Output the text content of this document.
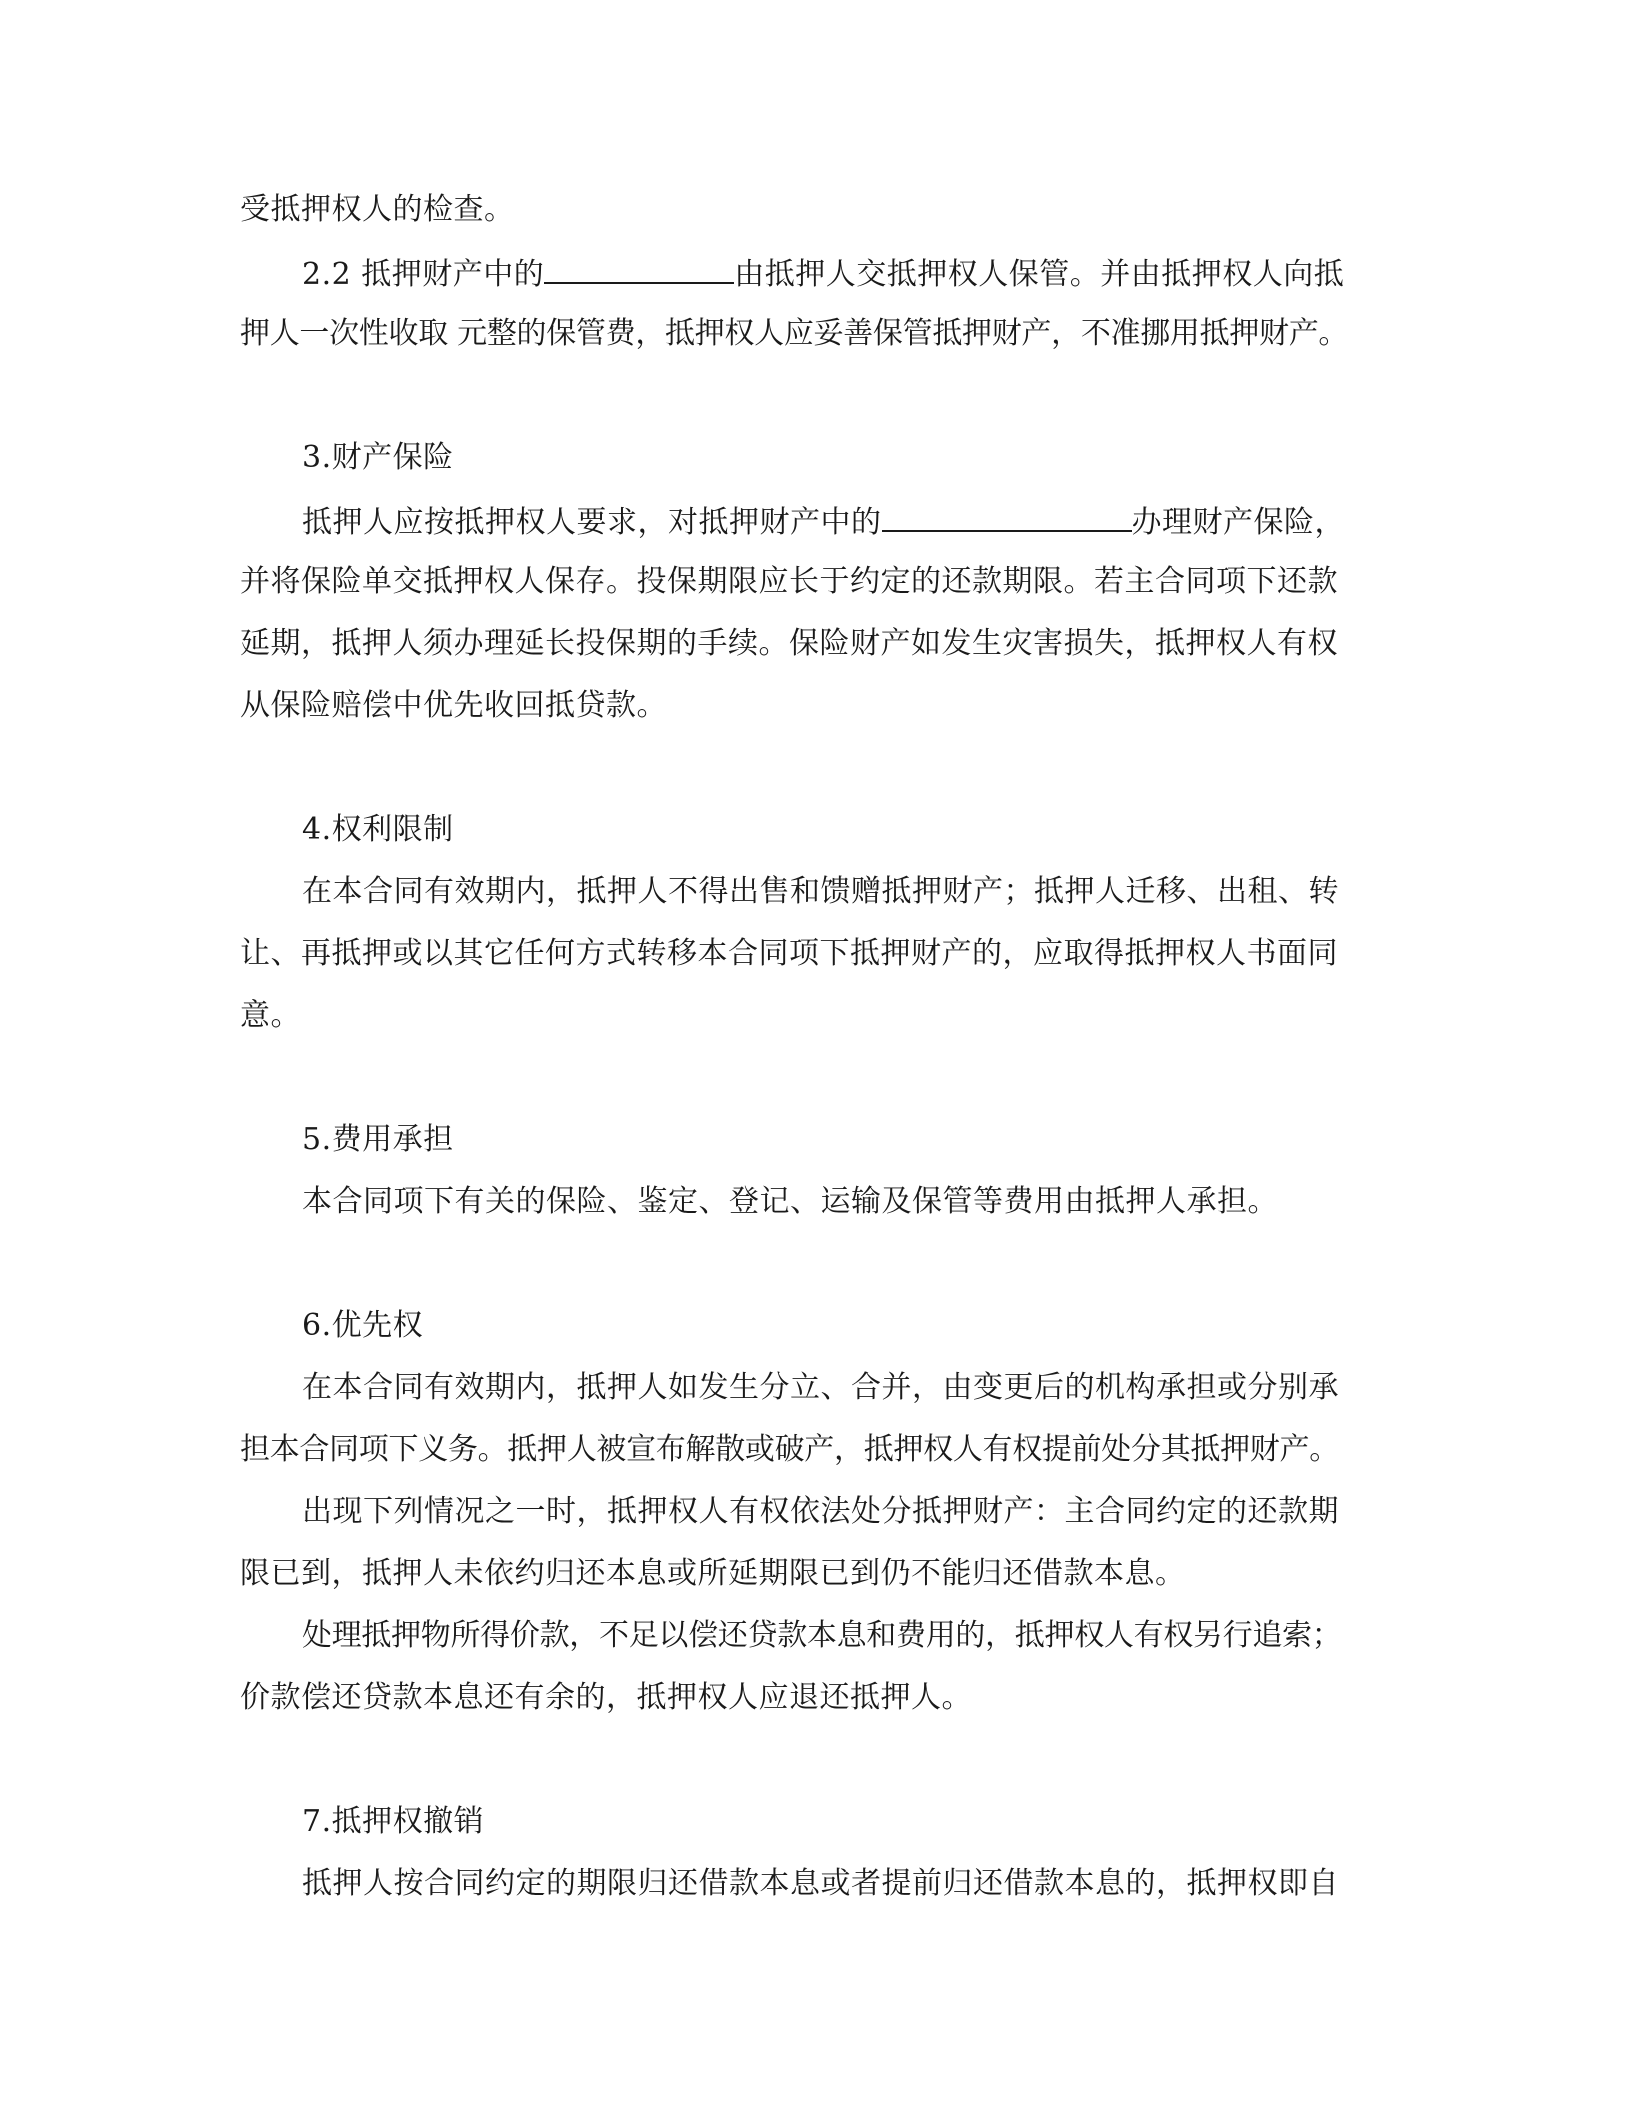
受抵押权人的检查。
2.2 抵押财产中的	由抵押人交抵押权人保管。并由抵押权人向抵
押人一次性收取 元整的保管费，抵押权人应妥善保管抵押财产，不准挪用抵押财产。
3.财产保险
抵押人应按抵押权人要求，对抵押财产中的	办理财产保险，
并将保险单交抵押权人保存。投保期限应长于约定的还款期限。若主合同项下还款
延期，抵押人须办理延长投保期的手续。保险财产如发生灾害损失，抵押权人有权
从保险赔偿中优先收回抵贷款。
4.权利限制
在本合同有效期内，抵押人不得出售和馈赠抵押财产；抵押人迁移、出租、转
让、再抵押或以其它任何方式转移本合同项下抵押财产的，应取得抵押权人书面同
意。
5.费用承担
本合同项下有关的保险、鉴定、登记、运输及保管等费用由抵押人承担。
6.优先权
在本合同有效期内，抵押人如发生分立、合并，由变更后的机构承担或分别承
担本合同项下义务。抵押人被宣布解散或破产，抵押权人有权提前处分其抵押财产。
出现下列情况之一时，抵押权人有权依法处分抵押财产：主合同约定的还款期
限已到，抵押人未依约归还本息或所延期限已到仍不能归还借款本息。
处理抵押物所得价款，不足以偿还贷款本息和费用的，抵押权人有权另行追索；
价款偿还贷款本息还有余的，抵押权人应退还抵押人。
7.抵押权撤销
抵押人按合同约定的期限归还借款本息或者提前归还借款本息的，抵押权即自
